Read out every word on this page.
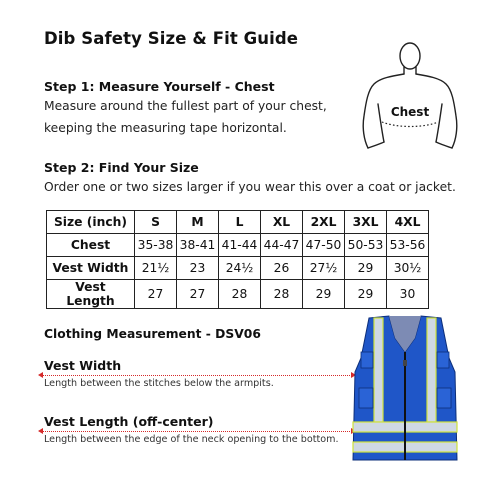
Dib Safety Size & Fit Guide
Step 1: Measure Yourself - Chest
Measure around the fullest part of your chest,
keeping the measuring tape horizontal.
Chest
Step 2: Find Your Size
Order one or two sizes larger if you wear this over a coat or jacket.
Size (inch)	S	M	L	XL	2XL	3XL	4XL
Chest	35-38	38-41	41-44	44-47	47-50	50-53	53-56
Vest Width	21½	23	24½	26	27½	29	30½
Vest Length	27	27	28	28	29	29	30
Clothing Measurement - DSV06
Vest Width
Length between the stitches below the armpits.
Vest Length (off-center)
Length between the edge of the neck opening to the bottom.
